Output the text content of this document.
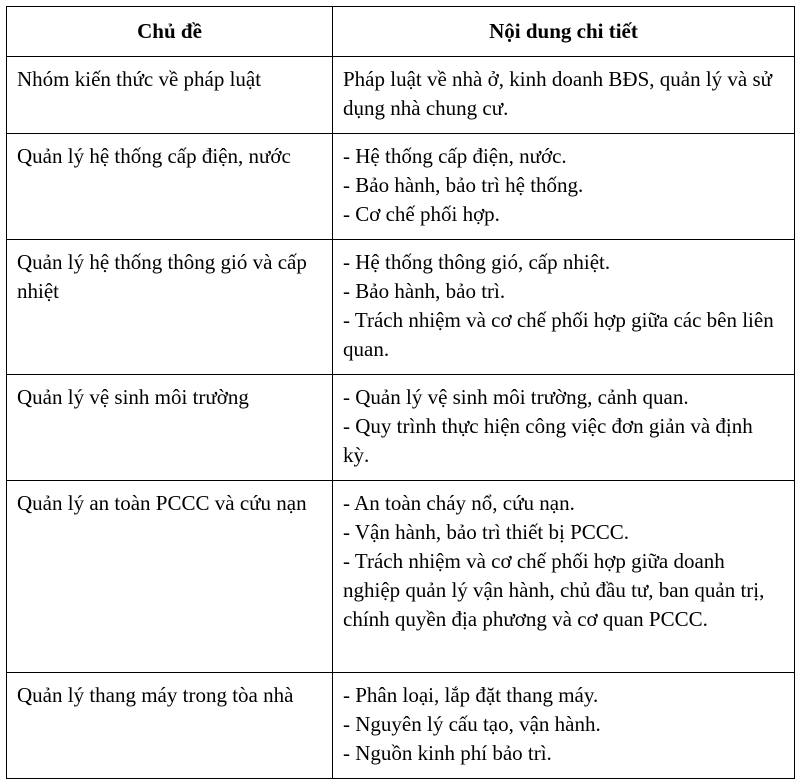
Chủ đề	Nội dung chi tiết
Nhóm kiến thức về pháp luật	Pháp luật về nhà ở, kinh doanh BĐS, quản lý và sử dụng nhà chung cư.

Quản lý hệ thống cấp điện, nước	- Hệ thống cấp điện, nước.
- Bảo hành, bảo trì hệ thống.
- Cơ chế phối hợp.

Quản lý hệ thống thông gió và cấp nhiệt	- Hệ thống thông gió, cấp nhiệt.
- Bảo hành, bảo trì.
- Trách nhiệm và cơ chế phối hợp giữa các bên liên quan.

Quản lý vệ sinh môi trường	- Quản lý vệ sinh môi trường, cảnh quan.
- Quy trình thực hiện công việc đơn giản và định kỳ.

Quản lý an toàn PCCC và cứu nạn	- An toàn cháy nổ, cứu nạn.
- Vận hành, bảo trì thiết bị PCCC.
- Trách nhiệm và cơ chế phối hợp giữa doanh nghiệp quản lý vận hành, chủ đầu tư, ban quản trị, chính quyền địa phương và cơ quan PCCC.

Quản lý thang máy trong tòa nhà	- Phân loại, lắp đặt thang máy.
- Nguyên lý cấu tạo, vận hành.
- Nguồn kinh phí bảo trì.
